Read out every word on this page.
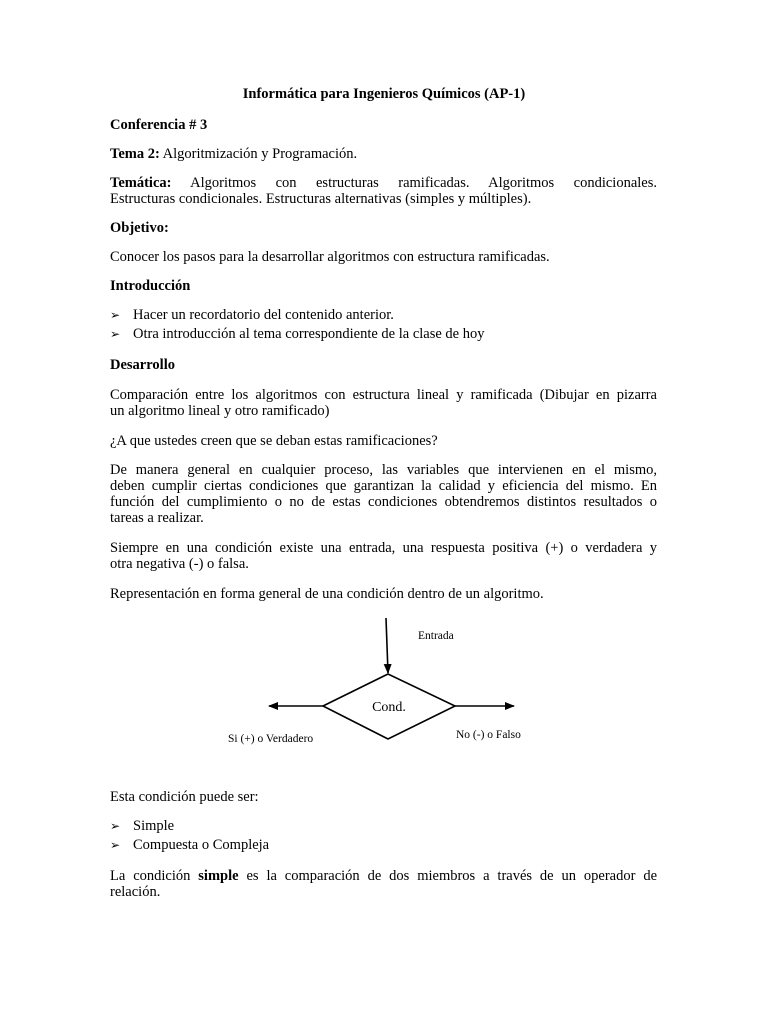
Informática para Ingenieros Químicos (AP-1)
Conferencia # 3
Tema 2: Algoritmización y Programación.
Temática: Algoritmos con estructuras ramificadas. Algoritmos condicionales.
Estructuras condicionales. Estructuras alternativas (simples y múltiples).
Objetivo:
Conocer los pasos para la desarrollar algoritmos con estructura ramificadas.
Introducción
➢ Hacer un recordatorio del contenido anterior.
➢ Otra introducción al tema correspondiente de la clase de hoy
Desarrollo
Comparación entre los algoritmos con estructura lineal y ramificada (Dibujar en pizarra
un algoritmo lineal y otro ramificado)
¿A que ustedes creen que se deban estas ramificaciones?
De manera general en cualquier proceso, las variables que intervienen en el mismo,
deben cumplir ciertas condiciones que garantizan la calidad y eficiencia del mismo. En
función del cumplimiento o no de estas condiciones obtendremos distintos resultados o
tareas a realizar.
Siempre en una condición existe una entrada, una respuesta positiva (+) o verdadera y
otra negativa (-) o falsa.
Representación en forma general de una condición dentro de un algoritmo.
Entrada
Cond.
Si (+) o Verdadero	No (-) o Falso
Esta condición puede ser:
➢ Simple
➢ Compuesta o Compleja
La condición simple es la comparación de dos miembros a través de un operador de
relación.
